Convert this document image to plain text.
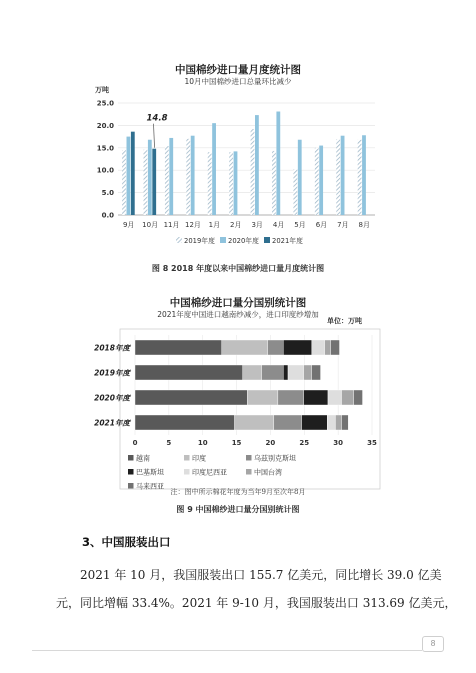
中国棉纱进口量月度统计图
10月中国棉纱进口总量环比减少
万吨
0.0
5.0
10.0
15.0
20.0
25.0
9月 10月 11月 12月 1月 2月 3月 4月 5月 6月 7月 8月
14.8
2019年度 2020年度 2021年度
图 8 2018 年度以来中国棉纱进口量月度统计图
中国棉纱进口量分国别统计图
2021年度中国进口越南纱减少，进口印度纱增加
单位：万吨
0	5	10	15	20	25	30	35
2018年度
2019年度
2020年度
2021年度
越南	印度	乌兹别克斯坦
巴基斯坦	印度尼西亚	中国台湾
马来西亚
注：图中所示棉花年度为当年9月至次年8月
图 9 中国棉纱进口量分国别统计图
3、中国服装出口
2021 年 10 月，我国服装出口 155.7 亿美元，同比增长 39.0 亿美
元，同比增幅 33.4%。2021 年 9-10 月，我国服装出口 313.69 亿美元，
8
